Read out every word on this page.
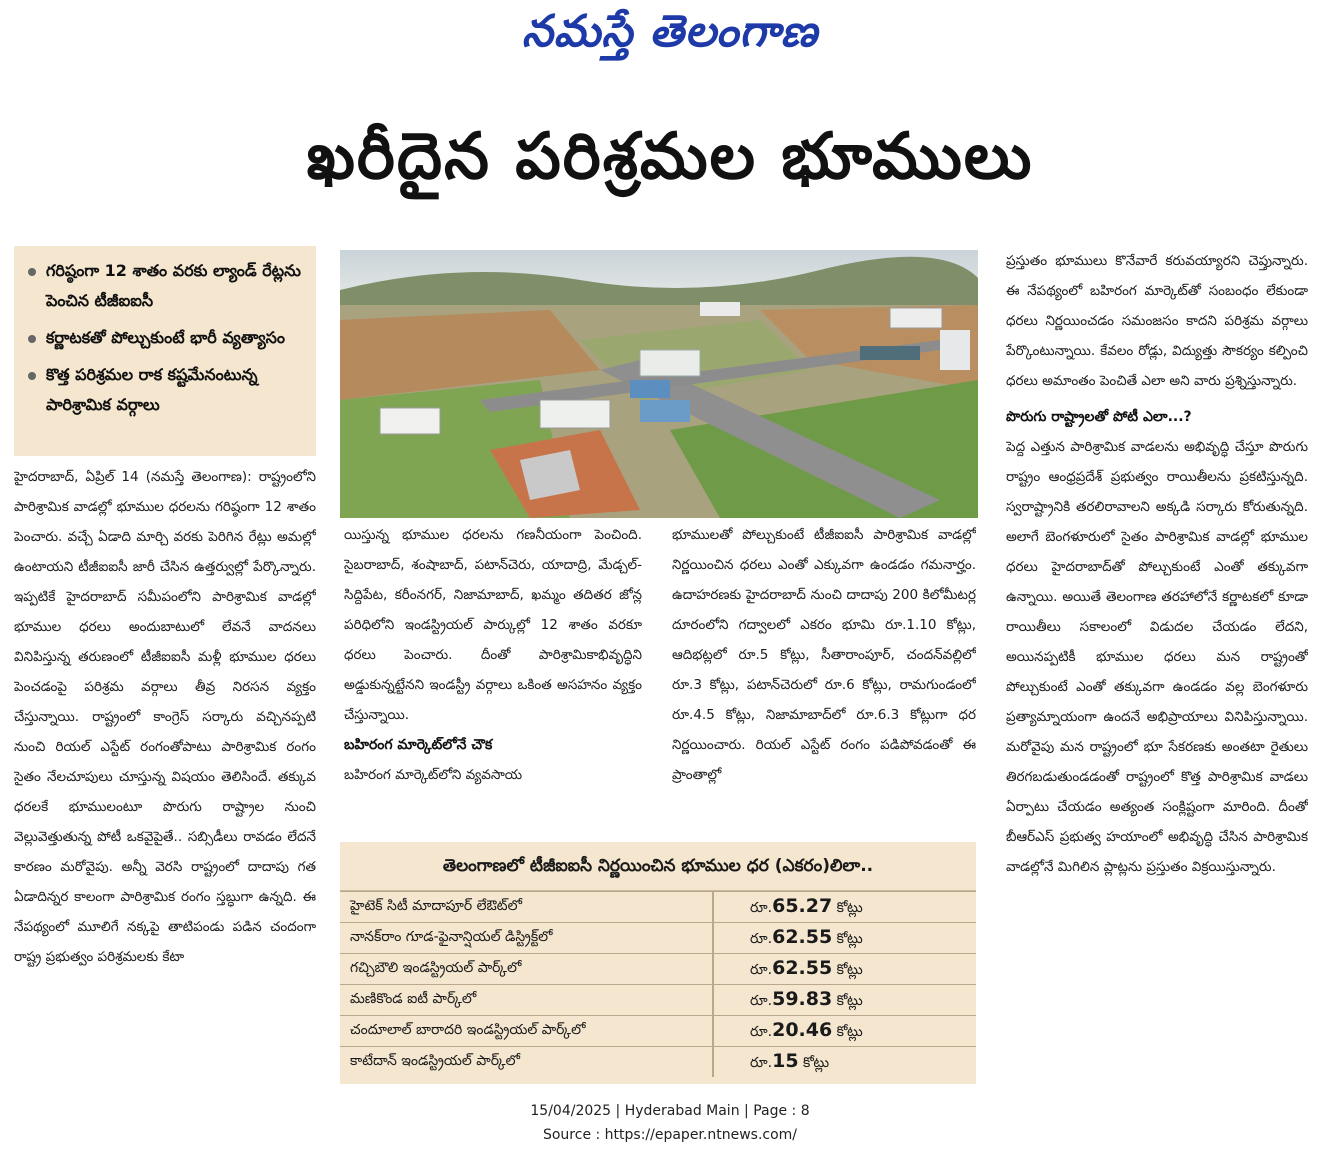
నమస్తే తెలంగాణ
ఖరీదైన పరిశ్రమల భూములు
గరిష్ఠంగా 12 శాతం వరకు ల్యాండ్ రేట్లను పెంచిన టీజీఐఐసీ
కర్ణాటకతో పోల్చుకుంటే భారీ వ్యత్యాసం
కొత్త పరిశ్రమల రాక కష్టమేనంటున్న పారిశ్రామిక వర్గాలు

హైదరాబాద్, ఏప్రిల్ 14 (నమస్తే తెలంగాణ): రాష్ట్రంలోని పారిశ్రామిక వాడల్లో భూముల ధరలను గరిష్ఠంగా 12 శాతం పెంచారు. వచ్చే ఏడాది మార్చి వరకు పెరిగిన రేట్లు అమల్లో ఉంటాయని టీజీఐఐసీ జారీ చేసిన ఉత్తర్వుల్లో పేర్కొన్నారు. ఇప్పటికే హైదరాబాద్ సమీపంలోని పారిశ్రామిక వాడల్లో భూముల ధరలు అందుబాటులో లేవనే వాదనలు వినిపిస్తున్న తరుణంలో టీజీఐఐసీ మళ్లీ భూముల ధరలు పెంచడంపై పరిశ్రమ వర్గాలు తీవ్ర నిరసన వ్యక్తం చేస్తున్నాయి. రాష్ట్రంలో కాంగ్రెస్ సర్కారు వచ్చినప్పటి నుంచి రియల్ ఎస్టేట్ రంగంతోపాటు పారిశ్రామిక రంగం సైతం నేలచూపులు చూస్తున్న విషయం తెలిసిందే. తక్కువ ధరలకే భూములంటూ పొరుగు రాష్ట్రాల నుంచి వెల్లువెత్తుతున్న పోటీ ఒకవైపైతే.. సబ్సిడీలు రావడం లేదనే కారణం మరోవైపు. అన్నీ వెరసి రాష్ట్రంలో దాదాపు గత ఏడాదిన్నర కాలంగా పారిశ్రామిక రంగం స్తబ్ధుగా ఉన్నది. ఈ నేపథ్యంలో మూలిగే నక్కపై తాటిపండు పడిన చందంగా రాష్ట్ర ప్రభుత్వం పరిశ్రమలకు కేటా

యిస్తున్న భూముల ధరలను గణనీయంగా పెంచింది. సైబరాబాద్, శంషాబాద్, పటాన్‌చెరు, యాదాద్రి, మేడ్చల్-సిద్దిపేట, కరీంనగర్, నిజామాబాద్, ఖమ్మం తదితర జోన్ల పరిధిలోని ఇండస్ట్రియల్ పార్కుల్లో 12 శాతం వరకూ ధరలు పెంచారు. దీంతో పారిశ్రామికాభివృద్ధిని అడ్డుకున్నట్టేనని ఇండస్ట్రీ వర్గాలు ఒకింత అసహనం వ్యక్తం చేస్తున్నాయి.

బహిరంగ మార్కెట్‌లోనే చౌక

బహిరంగ మార్కెట్‌లోని వ్యవసాయ

భూములతో పోల్చుకుంటే టీజీఐఐసీ పారిశ్రామిక వాడల్లో నిర్ణయించిన ధరలు ఎంతో ఎక్కువగా ఉండడం గమనార్హం. ఉదాహరణకు హైదరాబాద్ నుంచి దాదాపు 200 కిలోమీటర్ల దూరంలోని గద్వాలలో ఎకరం భూమి రూ.1.10 కోట్లు, ఆదిభట్లలో రూ.5 కోట్లు, సీతారాంపూర్, చందన్‌వల్లిలో రూ.3 కోట్లు, పటాన్‌చెరులో రూ.6 కోట్లు, రామగుండంలో రూ.4.5 కోట్లు, నిజామాబాద్‌లో రూ.6.3 కోట్లుగా ధర నిర్ణయించారు. రియల్ ఎస్టేట్ రంగం పడిపోవడంతో ఈ ప్రాంతాల్లో

ప్రస్తుతం భూములు కొనేవారే కరువయ్యారని చెప్తున్నారు. ఈ నేపథ్యంలో బహిరంగ మార్కెట్‌తో సంబంధం లేకుండా ధరలు నిర్ణయించడం సమంజసం కాదని పరిశ్రమ వర్గాలు పేర్కొంటున్నాయి. కేవలం రోడ్లు, విద్యుత్తు సౌకర్యం కల్పించి ధరలు అమాంతం పెంచితే ఎలా అని వారు ప్రశ్నిస్తున్నారు.

పొరుగు రాష్ట్రాలతో పోటీ ఎలా...?

పెద్ద ఎత్తున పారిశ్రామిక వాడలను అభివృద్ధి చేస్తూ పొరుగు రాష్ట్రం ఆంధ్రప్రదేశ్ ప్రభుత్వం రాయితీలను ప్రకటిస్తున్నది. స్వరాష్ట్రానికి తరలిరావాలని అక్కడి సర్కారు కోరుతున్నది. అలాగే బెంగళూరులో సైతం పారిశ్రామిక వాడల్లో భూముల ధరలు హైదరాబాద్‌తో పోల్చుకుంటే ఎంతో తక్కువగా ఉన్నాయి. అయితే తెలంగాణ తరహాలోనే కర్ణాటకలో కూడా రాయితీలు సకాలంలో విడుదల చేయడం లేదని, అయినప్పటికీ భూముల ధరలు మన రాష్ట్రంతో పోల్చుకుంటే ఎంతో తక్కువగా ఉండడం వల్ల బెంగళూరు ప్రత్యామ్నాయంగా ఉందనే అభిప్రాయాలు వినిపిస్తున్నాయి. మరోవైపు మన రాష్ట్రంలో భూ సేకరణకు అంతటా రైతులు తిరగబడుతుండడంతో రాష్ట్రంలో కొత్త పారిశ్రామిక వాడలు ఏర్పాటు చేయడం అత్యంత సంక్లిష్టంగా మారింది. దీంతో బీఆర్‌ఎస్ ప్రభుత్వ హయాంలో అభివృద్ధి చేసిన పారిశ్రామిక వాడల్లోనే మిగిలిన ప్లాట్లను ప్రస్తుతం విక్రయిస్తున్నారు.

తెలంగాణలో టీజీఐఐసీ నిర్ణయించిన భూముల ధర (ఎకరం)లిలా..
హైటెక్ సిటీ మాదాపూర్ లేఔట్‌లో	రూ.65.27 కోట్లు
నానక్‌రాం గూడ-ఫైనాన్షియల్ డిస్ట్రిక్ట్‌లో	రూ.62.55 కోట్లు
గచ్చిబౌలి ఇండస్ట్రియల్ పార్క్‌లో	రూ.62.55 కోట్లు
మణికొండ ఐటీ పార్క్‌లో	రూ.59.83 కోట్లు
చందూలాల్ బారాదరి ఇండస్ట్రియల్ పార్క్‌లో	రూ.20.46 కోట్లు
కాటేదాన్ ఇండస్ట్రియల్ పార్క్‌లో	రూ.15 కోట్లు
15/04/2025 | Hyderabad Main | Page : 8
Source : https://epaper.ntnews.com/
